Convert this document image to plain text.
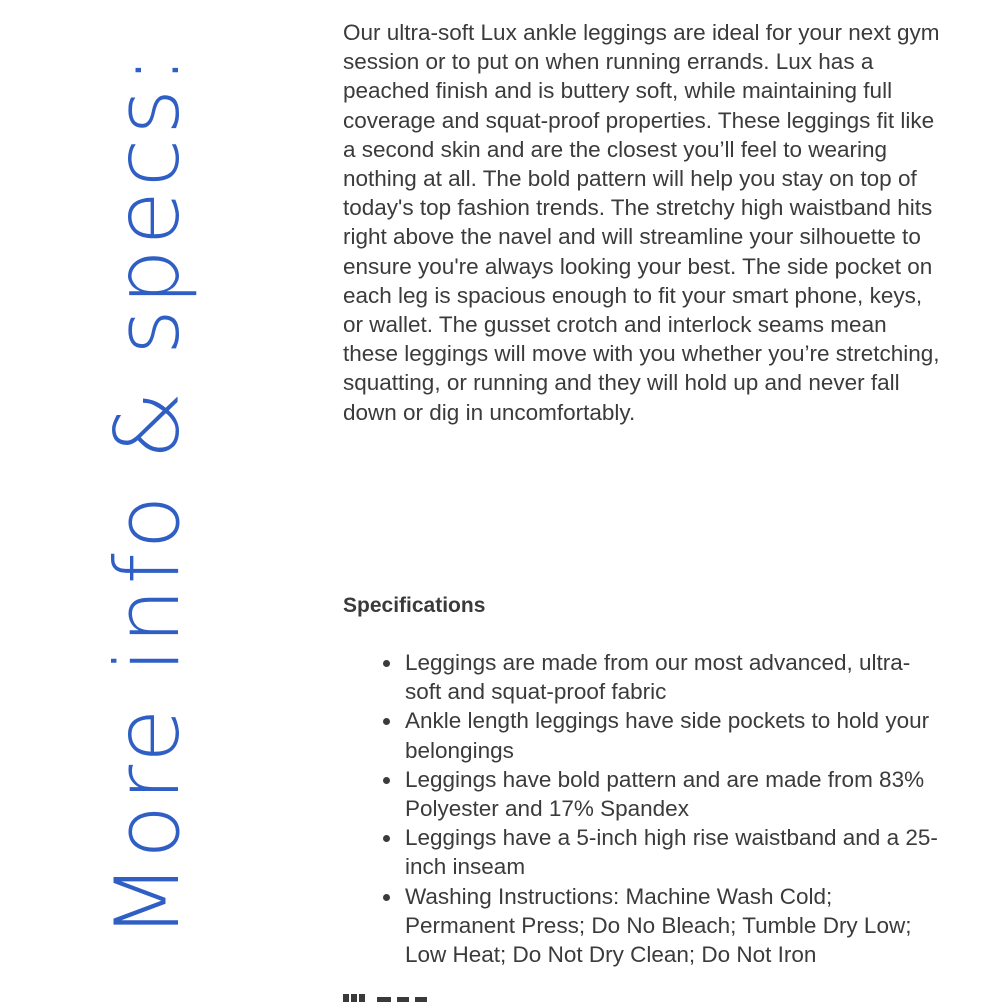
More info & specs:

Our ultra-soft Lux ankle leggings are ideal for your next gym session or to put on when running errands. Lux has a peached finish and is buttery soft, while maintaining full coverage and squat-proof properties. These leggings fit like a second skin and are the closest you’ll feel to wearing nothing at all. The bold pattern will help you stay on top of today's top fashion trends. The stretchy high waistband hits right above the navel and will streamline your silhouette to ensure you're always looking your best. The side pocket on each leg is spacious enough to fit your smart phone, keys, or wallet. The gusset crotch and interlock seams mean these leggings will move with you whether you’re stretching, squatting, or running and they will hold up and never fall down or dig in uncomfortably.

Specifications
Leggings are made from our most advanced, ultra-soft and squat-proof fabric
Ankle length leggings have side pockets to hold your belongings
Leggings have bold pattern and are made from 83% Polyester and 17% Spandex
Leggings have a 5-inch high rise waistband and a 25-inch inseam
Washing Instructions: Machine Wash Cold; Permanent Press; Do No Bleach; Tumble Dry Low; Low Heat; Do Not Dry Clean; Do Not Iron
